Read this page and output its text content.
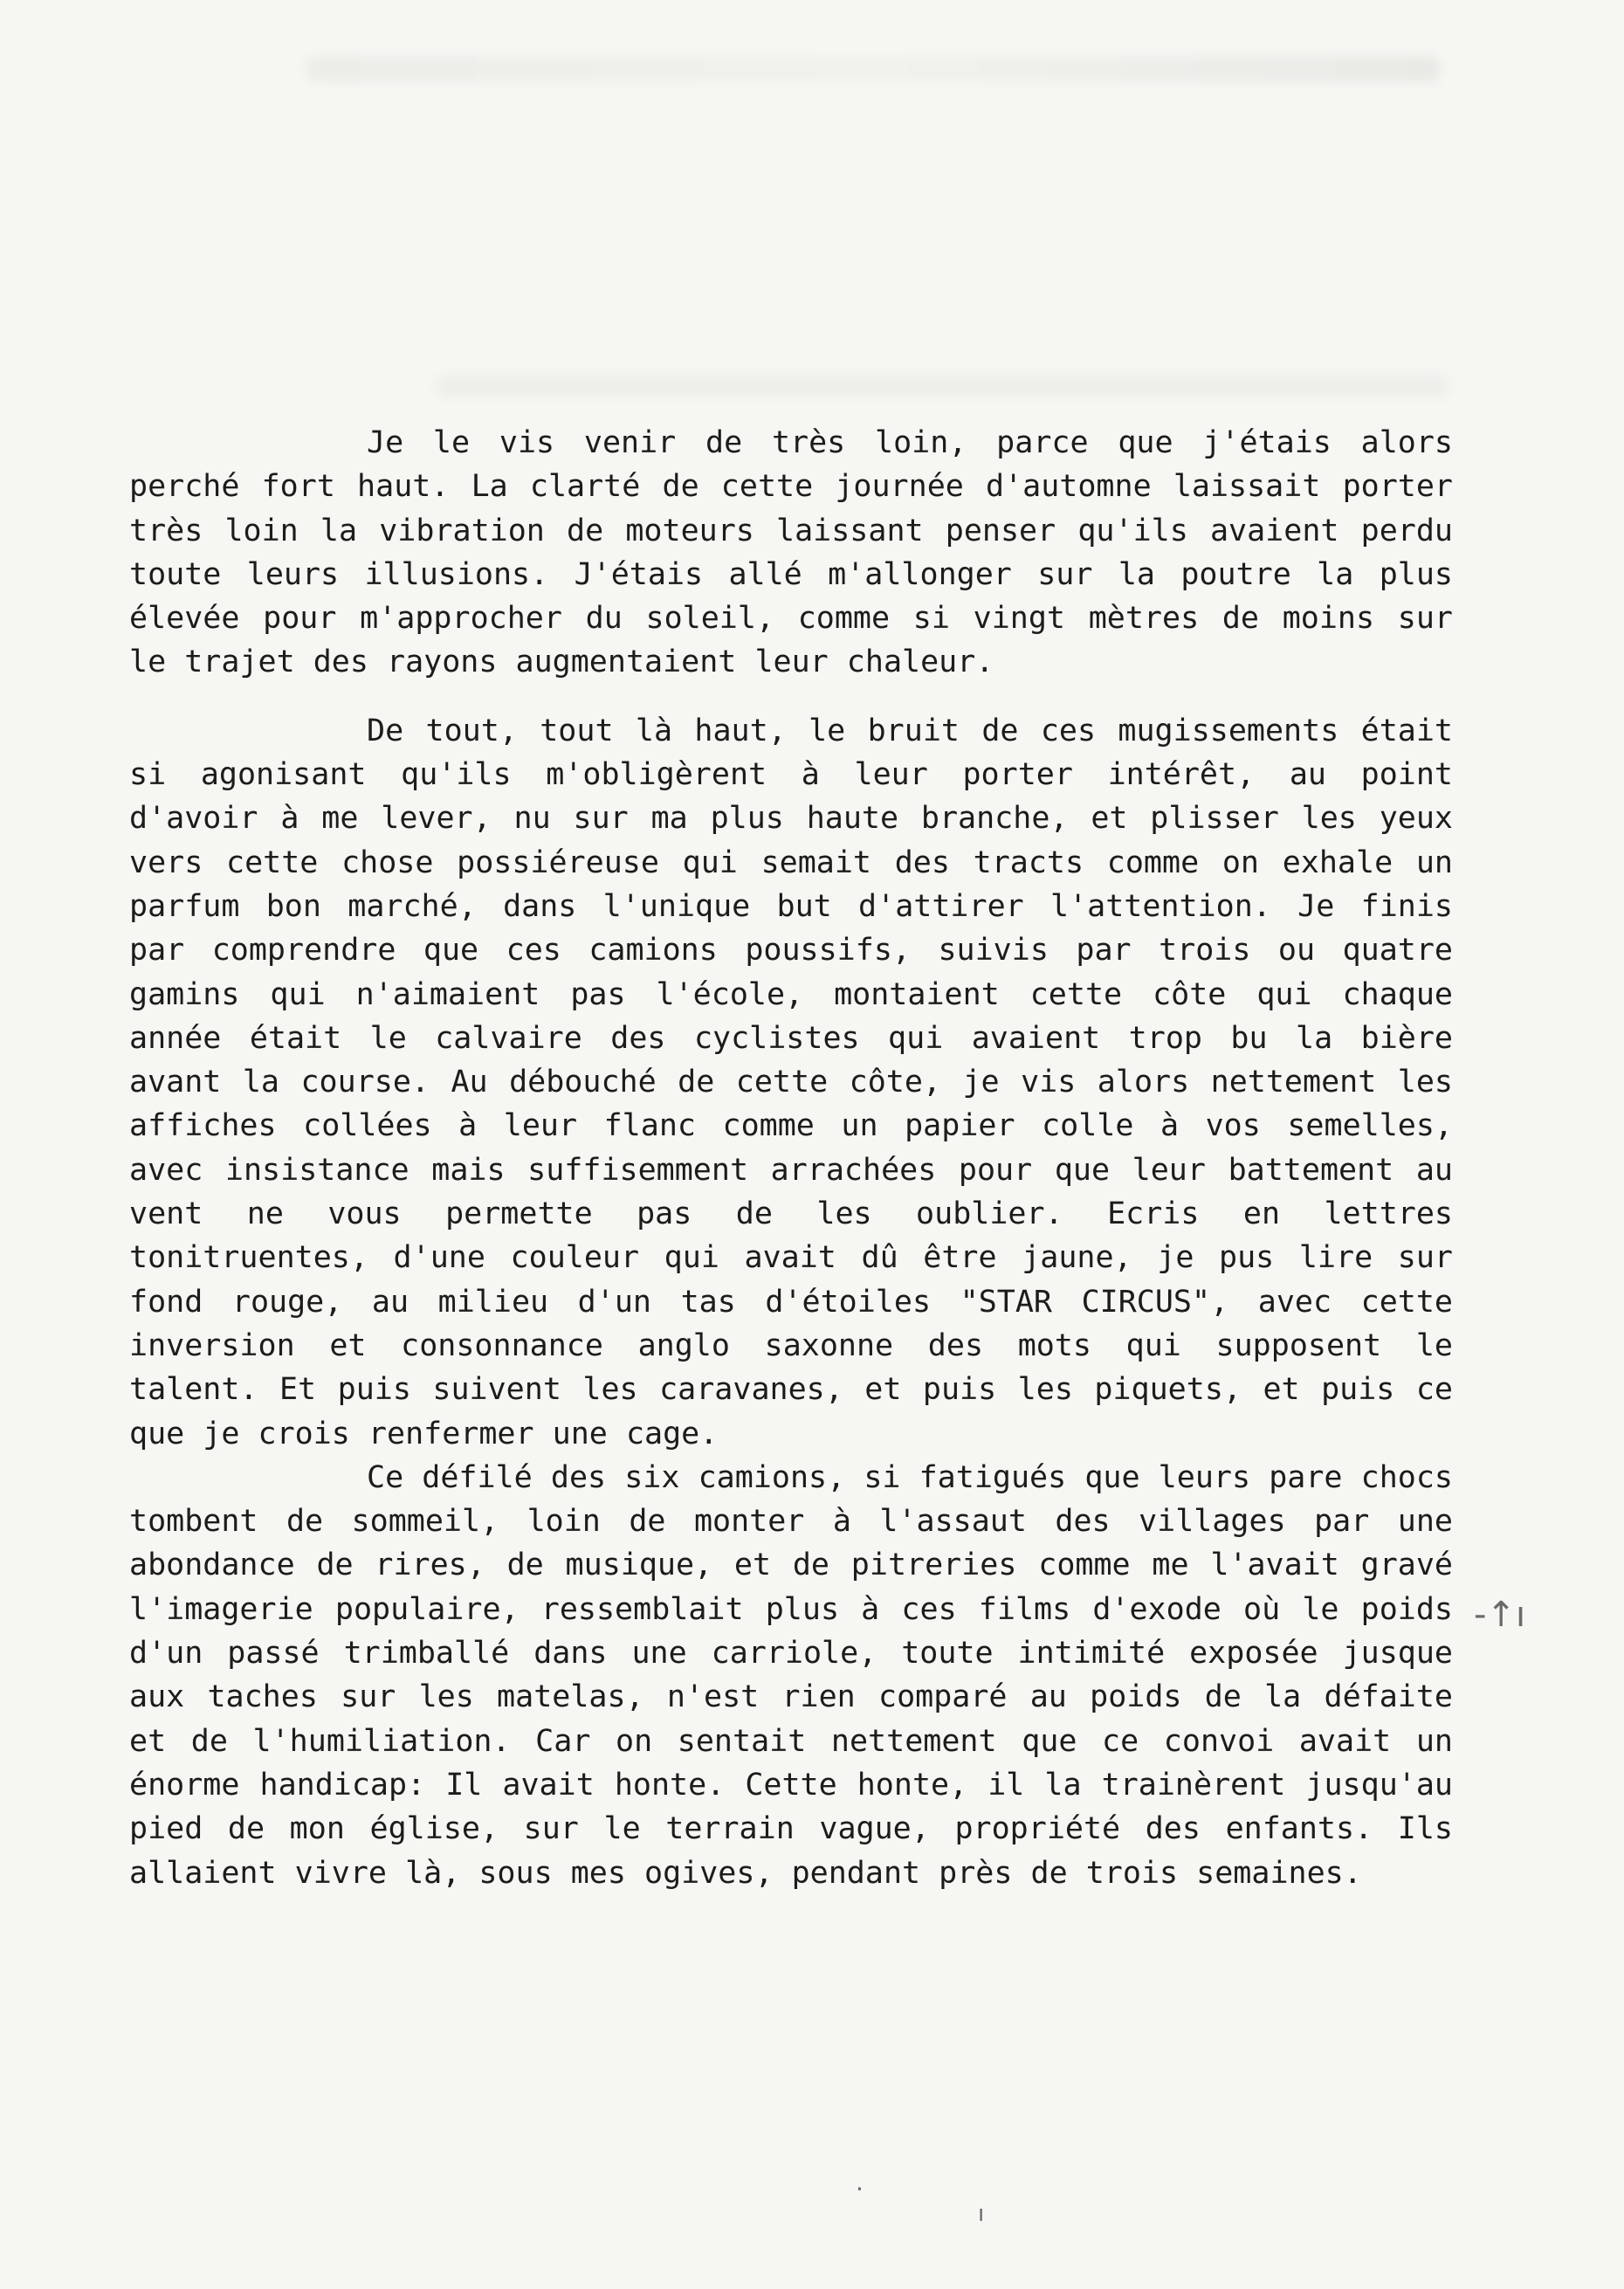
Je le vis venir de très loin, parce que j'étais alors perché fort haut. La clarté de cette journée d'automne laissait porter très loin la vibration de moteurs laissant penser qu'ils avaient perdu toute leurs illusions. J'étais allé m'allonger sur la poutre la plus élevée pour m'approcher du soleil, comme si vingt mètres de moins sur le trajet des rayons augmentaient leur chaleur.

De tout, tout là haut, le bruit de ces mugissements était si agonisant qu'ils m'obligèrent à leur porter intérêt, au point d'avoir à me lever, nu sur ma plus haute branche, et plisser les yeux vers cette chose possiéreuse qui semait des tracts comme on exhale un parfum bon marché, dans l'unique but d'attirer l'attention. Je finis par comprendre que ces camions poussifs, suivis par trois ou quatre gamins qui n'aimaient pas l'école, montaient cette côte qui chaque année était le calvaire des cyclistes qui avaient trop bu la bière avant la course. Au débouché de cette côte, je vis alors nettement les affiches collées à leur flanc comme un papier colle à vos semelles, avec insistance mais suffisemment arrachées pour que leur battement au vent ne vous permette pas de les oublier. Ecris en lettres tonitruentes, d'une couleur qui avait dû être jaune, je pus lire sur fond rouge, au milieu d'un tas d'étoiles "STAR CIRCUS", avec cette inversion et consonnance anglo saxonne des mots qui supposent le talent. Et puis suivent les caravanes, et puis les piquets, et puis ce que je crois renfermer une cage.

Ce défilé des six camions, si fatigués que leurs pare chocs tombent de sommeil, loin de monter à l'assaut des villages par une abondance de rires, de musique, et de pitreries comme me l'avait gravé l'imagerie populaire, ressemblait plus à ces films d'exode où le poids d'un passé trimballé dans une carriole, toute intimité exposée jusque aux taches sur les matelas, n'est rien comparé au poids de la défaite et de l'humiliation. Car on sentait nettement que ce convoi avait un énorme handicap: Il avait honte. Cette honte, il la trainèrent jusqu'au pied de mon église, sur le terrain vague, propriété des enfants. Ils allaient vivre là, sous mes ogives, pendant près de trois semaines.

-↑ı
·
ı
